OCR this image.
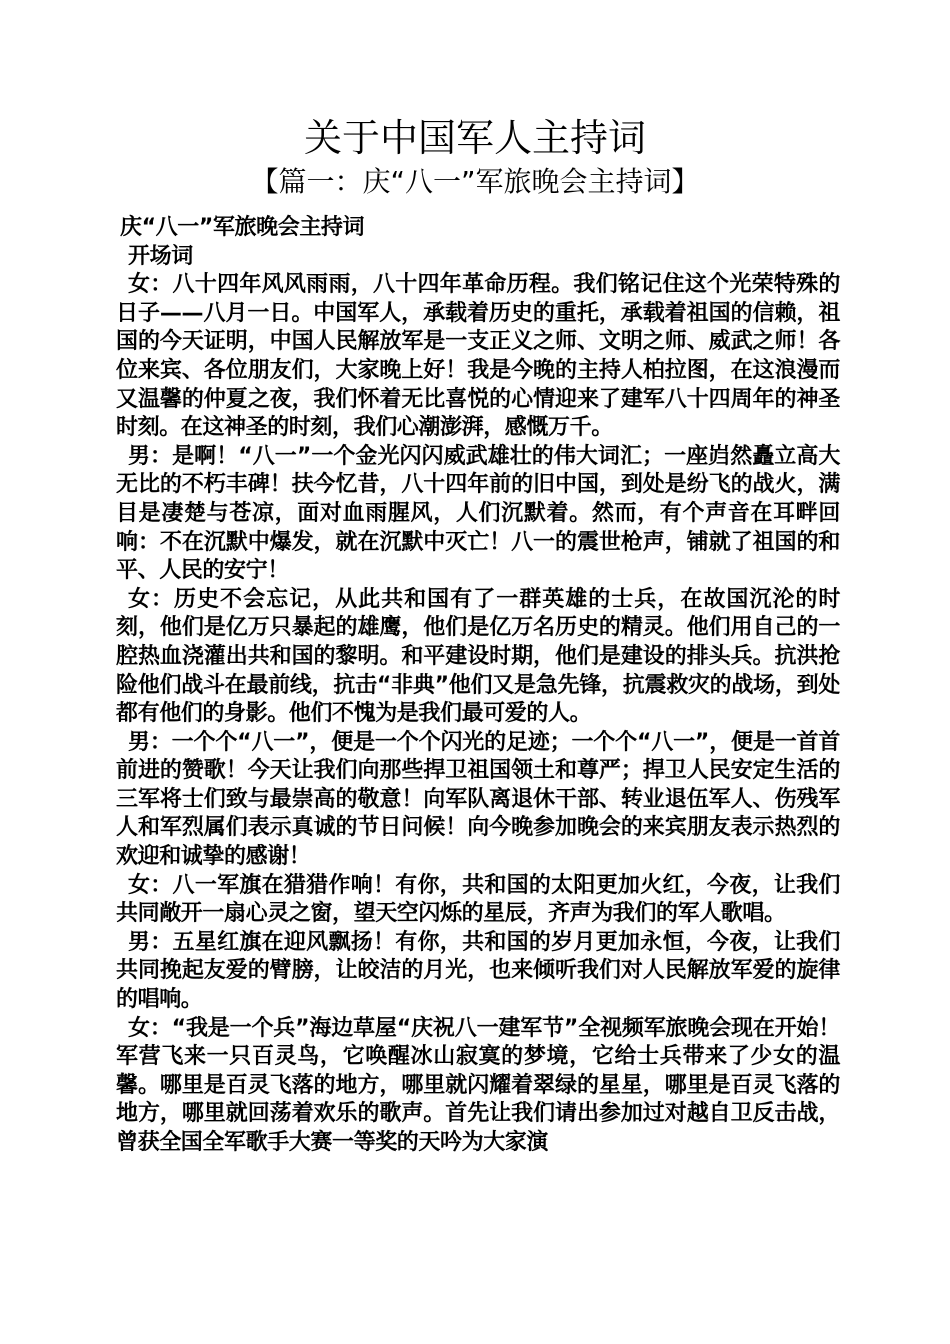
关于中国军人主持词
【篇一：庆“八一”军旅晚会主持词】

庆“八一”军旅晚会主持词

开场词

女：八十四年风风雨雨，八十四年革命历程。我们铭记住这个光荣特殊的日子——八月一日。中国军人，承载着历史的重托，承载着祖国的信赖，祖国的今天证明，中国人民解放军是一支正义之师、文明之师、威武之师！各位来宾、各位朋友们，大家晚上好！我是今晚的主持人柏拉图，在这浪漫而又温馨的仲夏之夜，我们怀着无比喜悦的心情迎来了建军八十四周年的神圣时刻。在这神圣的时刻，我们心潮澎湃，感慨万千。

男：是啊！“八一”一个金光闪闪威武雄壮的伟大词汇；一座岿然矗立高大无比的不朽丰碑！扶今忆昔，八十四年前的旧中国，到处是纷飞的战火，满目是凄楚与苍凉，面对血雨腥风，人们沉默着。然而，有个声音在耳畔回响：不在沉默中爆发，就在沉默中灭亡！八一的震世枪声，铺就了祖国的和平、人民的安宁！

女：历史不会忘记，从此共和国有了一群英雄的士兵，在故国沉沦的时刻，他们是亿万只暴起的雄鹰，他们是亿万名历史的精灵。他们用自己的一腔热血浇灌出共和国的黎明。和平建设时期，他们是建设的排头兵。抗洪抢险他们战斗在最前线，抗击“非典”他们又是急先锋，抗震救灾的战场，到处都有他们的身影。他们不愧为是我们最可爱的人。

男：一个个“八一”，便是一个个闪光的足迹；一个个“八一”，便是一首首前进的赞歌！今天让我们向那些捍卫祖国领土和尊严；捍卫人民安定生活的三军将士们致与最崇高的敬意！向军队离退休干部、转业退伍军人、伤残军人和军烈属们表示真诚的节日问候！向今晚参加晚会的来宾朋友表示热烈的欢迎和诚挚的感谢！

女：八一军旗在猎猎作响！有你，共和国的太阳更加火红，今夜，让我们共同敞开一扇心灵之窗，望天空闪烁的星辰，齐声为我们的军人歌唱。

男：五星红旗在迎风飘扬！有你，共和国的岁月更加永恒，今夜，让我们共同挽起友爱的臂膀，让皎洁的月光，也来倾听我们对人民解放军爱的旋律的唱响。

女：“我是一个兵”海边草屋“庆祝八一建军节”全视频军旅晚会现在开始！军营飞来一只百灵鸟，它唤醒冰山寂寞的梦境，它给士兵带来了少女的温馨。哪里是百灵飞落的地方，哪里就闪耀着翠绿的星星，哪里是百灵飞落的地方，哪里就回荡着欢乐的歌声。首先让我们请出参加过对越自卫反击战，曾获全国全军歌手大赛一等奖的天吟为大家演
